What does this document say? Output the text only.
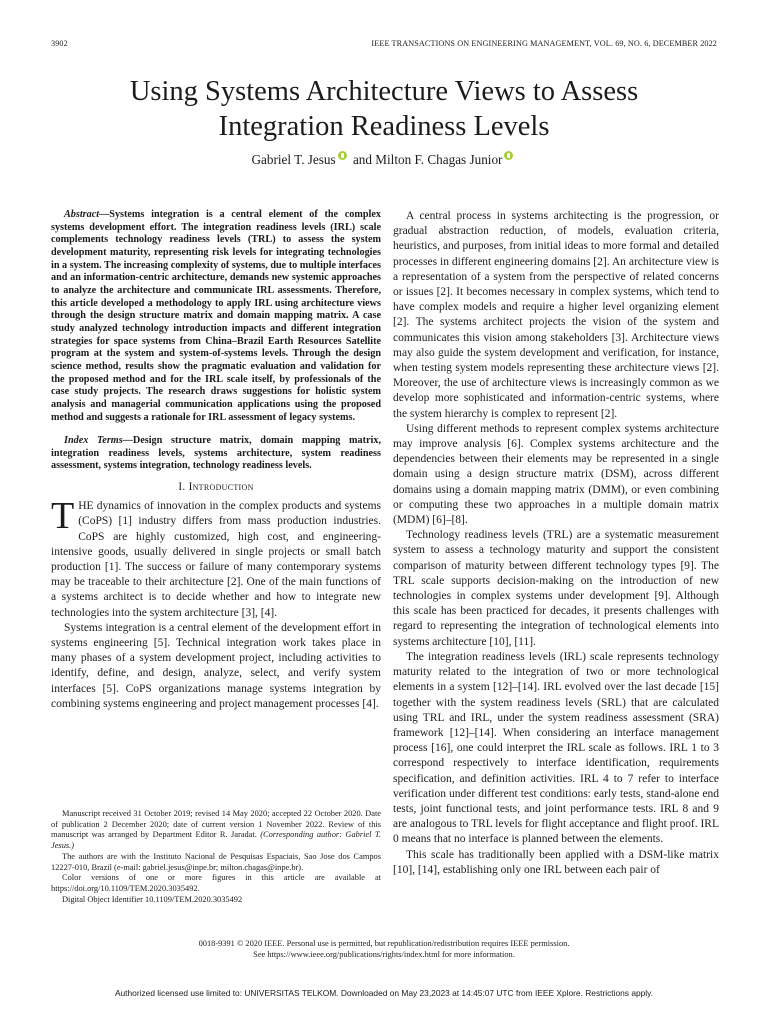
3902	IEEE TRANSACTIONS ON ENGINEERING MANAGEMENT, VOL. 69, NO. 6, DECEMBER 2022
Using Systems Architecture Views to Assess
Integration Readiness Levels
Gabriel T. Jesus and Milton F. Chagas Junior

Abstract—Systems integration is a central element of the complex systems development effort. The integration readiness levels (IRL) scale complements technology readiness levels (TRL) to assess the system development maturity, representing risk levels for integrating technologies in a system. The increasing complexity of systems, due to multiple interfaces and an information-centric architecture, demands new systemic approaches to analyze the architecture and communicate IRL assessments. Therefore, this article developed a methodology to apply IRL using architecture views through the design structure matrix and domain mapping matrix. A case study analyzed technology introduction impacts and different integration strategies for space systems from China–Brazil Earth Resources Satellite program at the system and system-of-systems levels. Through the design science method, results show the pragmatic evaluation and validation for the proposed method and for the IRL scale itself, by professionals of the case study projects. The research draws suggestions for holistic system analysis and managerial communication applications using the proposed method and suggests a rationale for IRL assessment of legacy systems.

Index Terms—Design structure matrix, domain mapping matrix, integration readiness levels, systems architecture, system readiness assessment, systems integration, technology readiness levels.

I. Introduction

THE dynamics of innovation in the complex products and systems (CoPS) [1] industry differs from mass production industries. CoPS are highly customized, high cost, and engineering-intensive goods, usually delivered in single projects or small batch production [1]. The success or failure of many contemporary systems may be traceable to their architecture [2]. One of the main functions of a systems architect is to decide whether and how to integrate new technologies into the system architecture [3], [4].

Systems integration is a central element of the development effort in systems engineering [5]. Technical integration work takes place in many phases of a system development project, including activities to identify, define, and design, analyze, select, and verify system interfaces [5]. CoPS organizations manage systems integration by combining systems engineering and project management processes [4].

Manuscript received 31 October 2019; revised 14 May 2020; accepted 22 October 2020. Date of publication 2 December 2020; date of current version 1 November 2022. Review of this manuscript was arranged by Department Editor R. Jaradat. (Corresponding author: Gabriel T. Jesus.)

The authors are with the Instituto Nacional de Pesquisas Espaciais, Sao Jose dos Campos 12227-010, Brazil (e-mail: gabriel.jesus@inpe.br; milton.chagas@inpe.br).

Color versions of one or more figures in this article are available at https://doi.org/10.1109/TEM.2020.3035492.

Digital Object Identifier 10.1109/TEM.2020.3035492

A central process in systems architecting is the progression, or gradual abstraction reduction, of models, evaluation criteria, heuristics, and purposes, from initial ideas to more formal and detailed processes in different engineering domains [2]. An architecture view is a representation of a system from the perspective of related concerns or issues [2]. It becomes necessary in complex systems, which tend to have complex models and require a higher level organizing element [2]. The systems architect projects the vision of the system and communicates this vision among stakeholders [3]. Architecture views may also guide the system development and verification, for instance, when testing system models representing these architecture views [2]. Moreover, the use of architecture views is increasingly common as we develop more sophisticated and information-centric systems, where the system hierarchy is complex to represent [2].

Using different methods to represent complex systems architecture may improve analysis [6]. Complex systems architecture and the dependencies between their elements may be represented in a single domain using a design structure matrix (DSM), across different domains using a domain mapping matrix (DMM), or even combining or computing these two approaches in a multiple domain matrix (MDM) [6]–[8].

Technology readiness levels (TRL) are a systematic measurement system to assess a technology maturity and support the consistent comparison of maturity between different technology types [9]. The TRL scale supports decision-making on the introduction of new technologies in complex systems under development [9]. Although this scale has been practiced for decades, it presents challenges with regard to representing the integration of technological elements into systems architecture [10], [11].

The integration readiness levels (IRL) scale represents technology maturity related to the integration of two or more technological elements in a system [12]–[14]. IRL evolved over the last decade [15] together with the system readiness levels (SRL) that are calculated using TRL and IRL, under the system readiness assessment (SRA) framework [12]–[14]. When considering an interface management process [16], one could interpret the IRL scale as follows. IRL 1 to 3 correspond respectively to interface identification, requirements specification, and definition activities. IRL 4 to 7 refer to interface verification under different test conditions: early tests, stand-alone end tests, joint functional tests, and joint performance tests. IRL 8 and 9 are analogous to TRL levels for flight acceptance and flight proof. IRL 0 means that no interface is planned between the elements.

This scale has traditionally been applied with a DSM-like matrix [10], [14], establishing only one IRL between each pair of

0018-9391 © 2020 IEEE. Personal use is permitted, but republication/redistribution requires IEEE permission.
See https://www.ieee.org/publications/rights/index.html for more information.
Authorized licensed use limited to: UNIVERSITAS TELKOM. Downloaded on May 23,2023 at 14:45:07 UTC from IEEE Xplore. Restrictions apply.
